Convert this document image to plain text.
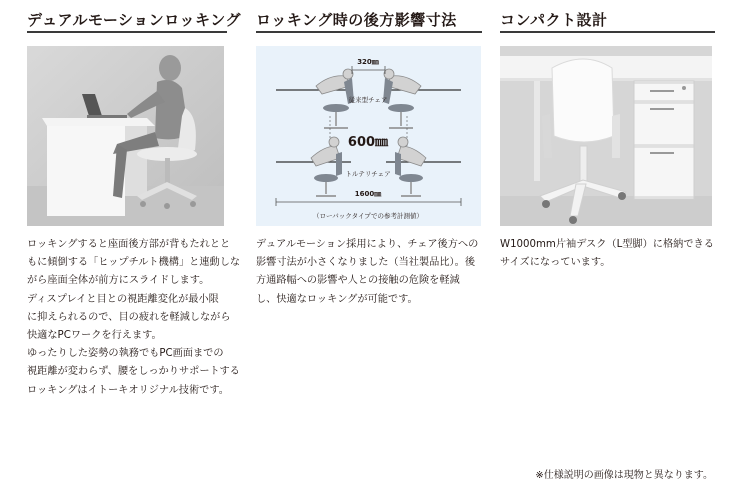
デュアルモーションロッキング

ロッキングすると座面後方部が背もたれとと
もに傾倒する「ヒップチルト機構」と連動しな
がら座面全体が前方にスライドします。
ディスプレイと目との視距離変化が最小限
に抑えられるので、目の疲れを軽減しながら
快適なPCワークを行えます。
ゆったりした姿勢の執務でもPC画面までの
視距離が変わらず、腰をしっかりサポートする
ロッキングはイトーキオリジナル技術です。

ロッキング時の後方影響寸法
320㎜
従来型チェア
600㎜
トルテリチェア
1600㎜
（ローバックタイプでの参考計測値）

デュアルモーション採用により、チェア後方への
影響寸法が小さくなりました（当社製品比）。後
方通路幅への影響や人との接触の危険を軽減
し、快適なロッキングが可能です。

コンパクト設計

W1000mm片袖デスク（L型脚）に格納できる
サイズになっています。

※仕様説明の画像は現物と異なります。
